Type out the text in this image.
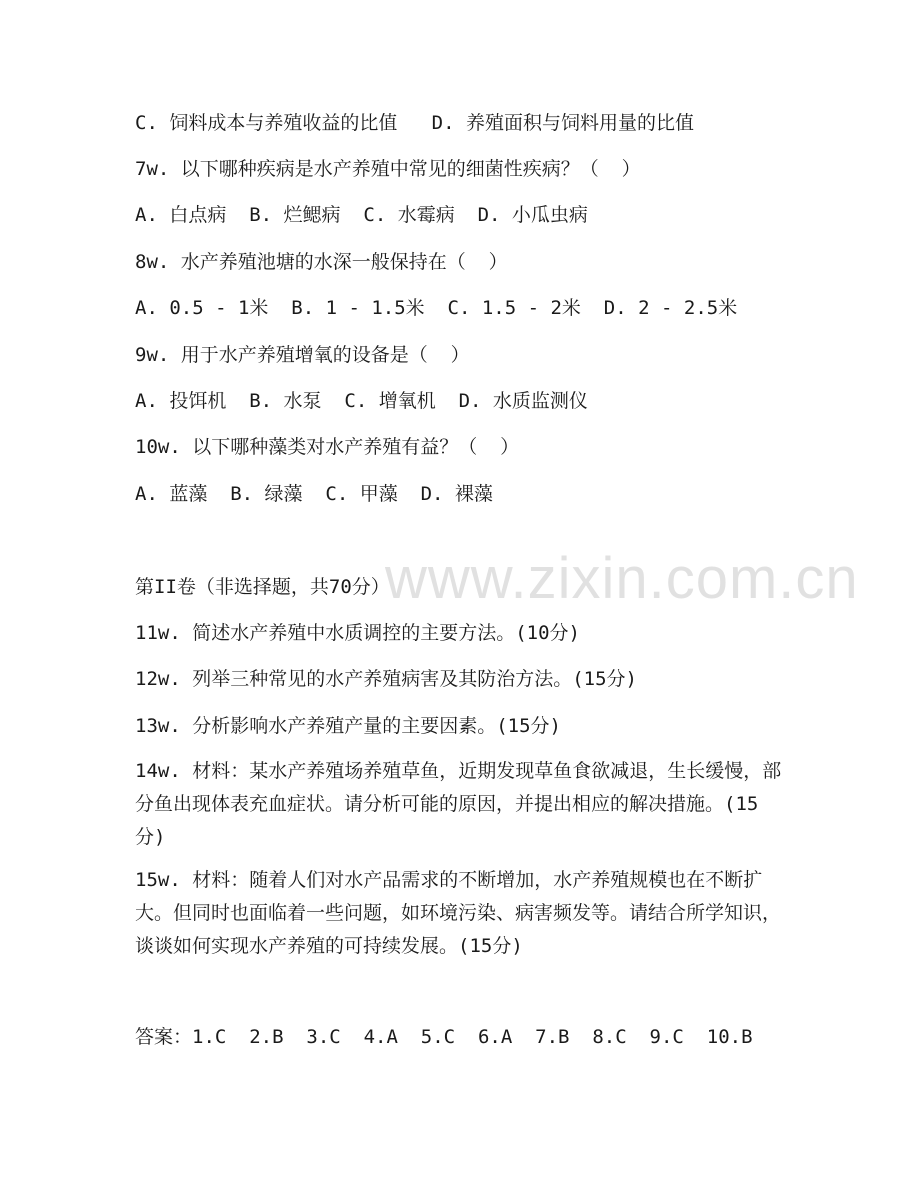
www.zixin.com.cn
C. 饲料成本与养殖收益的比值   D. 养殖面积与饲料用量的比值
7w. 以下哪种疾病是水产养殖中常见的细菌性疾病？（  ）
A. 白点病  B. 烂鳃病  C. 水霉病  D. 小瓜虫病
8w. 水产养殖池塘的水深一般保持在（  ）
A. 0.5 - 1米  B. 1 - 1.5米  C. 1.5 - 2米  D. 2 - 2.5米
9w. 用于水产养殖增氧的设备是（  ）
A. 投饵机  B. 水泵  C. 增氧机  D. 水质监测仪
10w. 以下哪种藻类对水产养殖有益？（  ）
A. 蓝藻  B. 绿藻  C. 甲藻  D. 裸藻
第II卷（非选择题，共70分）
11w. 简述水产养殖中水质调控的主要方法。(10分)
12w. 列举三种常见的水产养殖病害及其防治方法。(15分)
13w. 分析影响水产养殖产量的主要因素。(15分)
14w. 材料：某水产养殖场养殖草鱼，近期发现草鱼食欲减退，生长缓慢，部分鱼出现体表充血症状。请分析可能的原因，并提出相应的解决措施。(15分)
15w. 材料：随着人们对水产品需求的不断增加，水产养殖规模也在不断扩大。但同时也面临着一些问题，如环境污染、病害频发等。请结合所学知识，谈谈如何实现水产养殖的可持续发展。(15分)
答案：1.C  2.B  3.C  4.A  5.C  6.A  7.B  8.C  9.C  10.B
